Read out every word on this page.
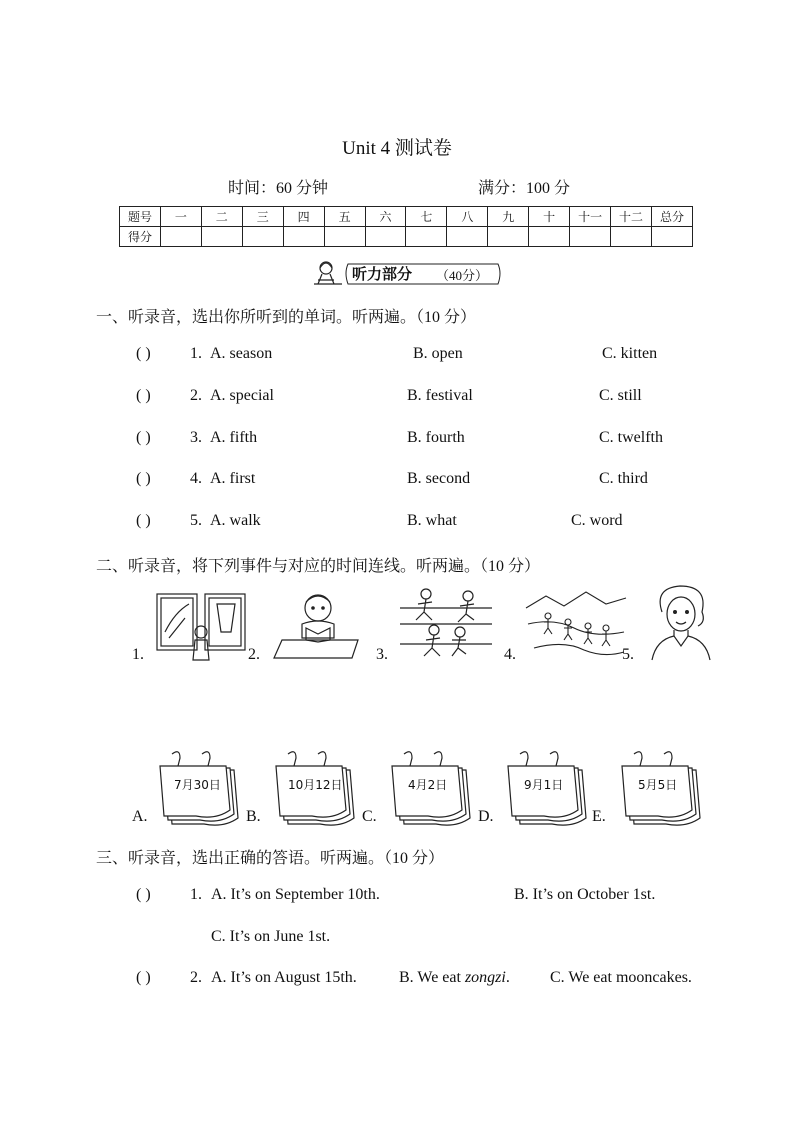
Unit 4 测试卷
时间：60 分钟	满分：100 分
题号	一	二	三	四	五	六	七	八	九	十	十一	十二	总分
得分													
听力部分 （40分）
一、听录音，选出你所听到的单词。听两遍。（10 分）
( ) 1. A. season	B. open	C. kitten
( ) 2. A. special	B. festival	C. still
( ) 3. A. fifth	B. fourth	C. twelfth
( ) 4. A. first	B. second	C. third
( ) 5. A. walk	B. what	C. word
二、听录音，将下列事件与对应的时间连线。听两遍。（10 分）
1.	2.	3.	4.	5.
A.
7月30日
B.
10月12日
C.
4月2日
D.
9月1日
E.
5月5日
三、听录音，选出正确的答语。听两遍。（10 分）
( ) 1. A. It’s on September 10th.	B. It’s on October 1st.
C. It’s on June 1st.
( ) 2. A. It’s on August 15th.	B. We eat zongzi.	C. We eat mooncakes.
